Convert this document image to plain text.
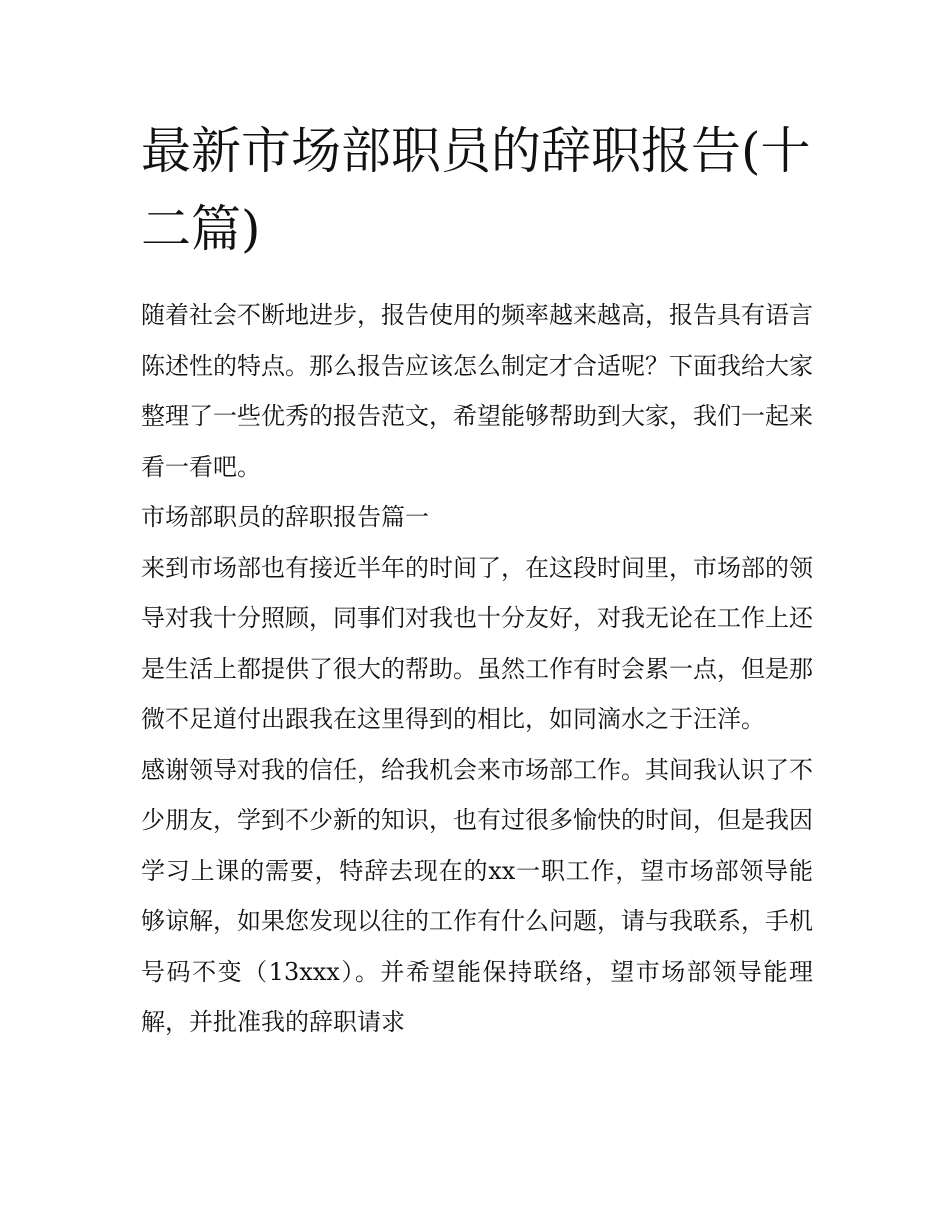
最新市场部职员的辞职报告(十二篇)

随着社会不断地进步，报告使用的频率越来越高，报告具有语言陈述性的特点。那么报告应该怎么制定才合适呢？下面我给大家整理了一些优秀的报告范文，希望能够帮助到大家，我们一起来看一看吧。

市场部职员的辞职报告篇一

来到市场部也有接近半年的时间了，在这段时间里，市场部的领导对我十分照顾，同事们对我也十分友好，对我无论在工作上还是生活上都提供了很大的帮助。虽然工作有时会累一点，但是那微不足道付出跟我在这里得到的相比，如同滴水之于汪洋。

感谢领导对我的信任，给我机会来市场部工作。其间我认识了不少朋友，学到不少新的知识，也有过很多愉快的时间，但是我因学习上课的需要，特辞去现在的xx一职工作，望市场部领导能够谅解，如果您发现以往的工作有什么问题，请与我联系，手机号码不变（13xxx）。并希望能保持联络，望市场部领导能理解，并批准我的辞职请求
